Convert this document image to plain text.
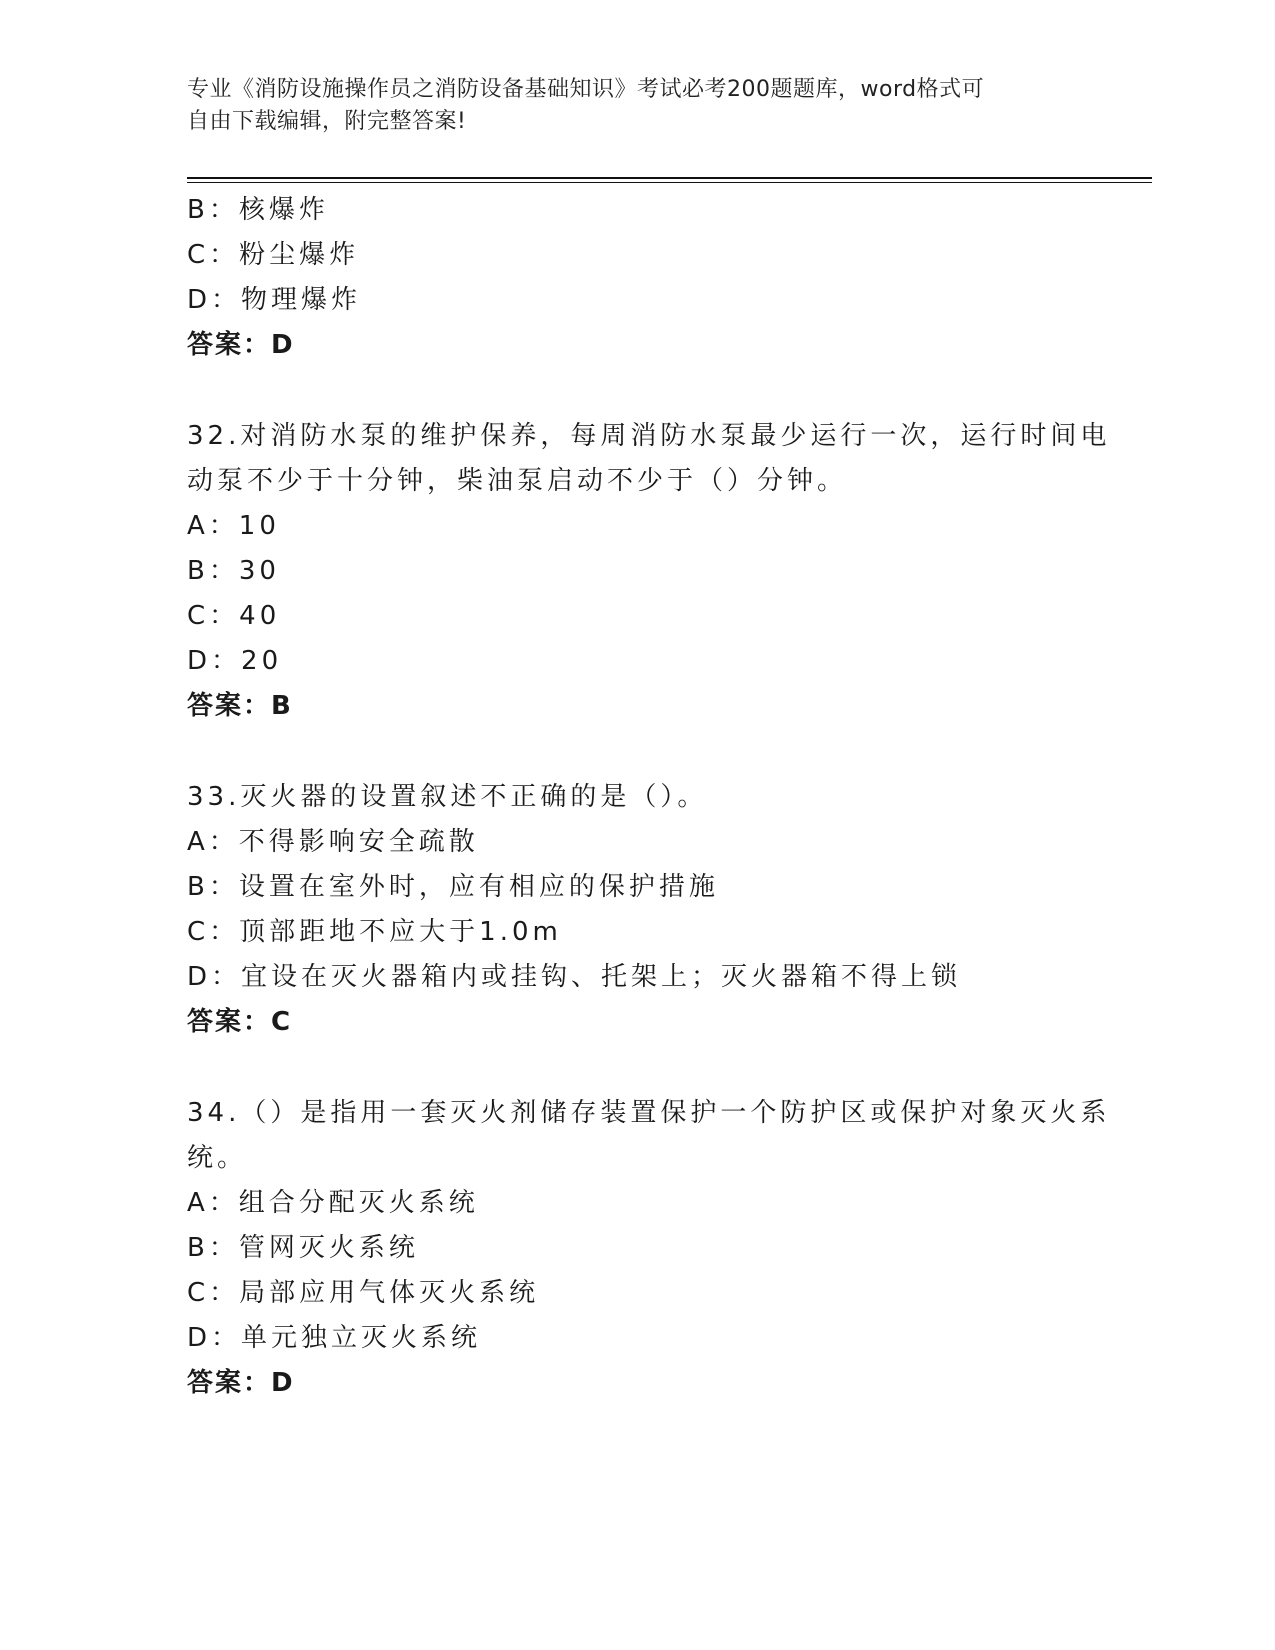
专业《消防设施操作员之消防设备基础知识》考试必考200题题库，word格式可
自由下载编辑，附完整答案!
B：核爆炸
C：粉尘爆炸
D：物理爆炸
答案：D
32.对消防水泵的维护保养，每周消防水泵最少运行一次，运行时间电
动泵不少于十分钟，柴油泵启动不少于（）分钟。
A：10
B：30
C：40
D：20
答案：B
33.灭火器的设置叙述不正确的是（）。
A：不得影响安全疏散
B：设置在室外时，应有相应的保护措施
C：顶部距地不应大于1.0m
D：宜设在灭火器箱内或挂钩、托架上；灭火器箱不得上锁
答案：C
34.（）是指用一套灭火剂储存装置保护一个防护区或保护对象灭火系
统。
A：组合分配灭火系统
B：管网灭火系统
C：局部应用气体灭火系统
D：单元独立灭火系统
答案：D
